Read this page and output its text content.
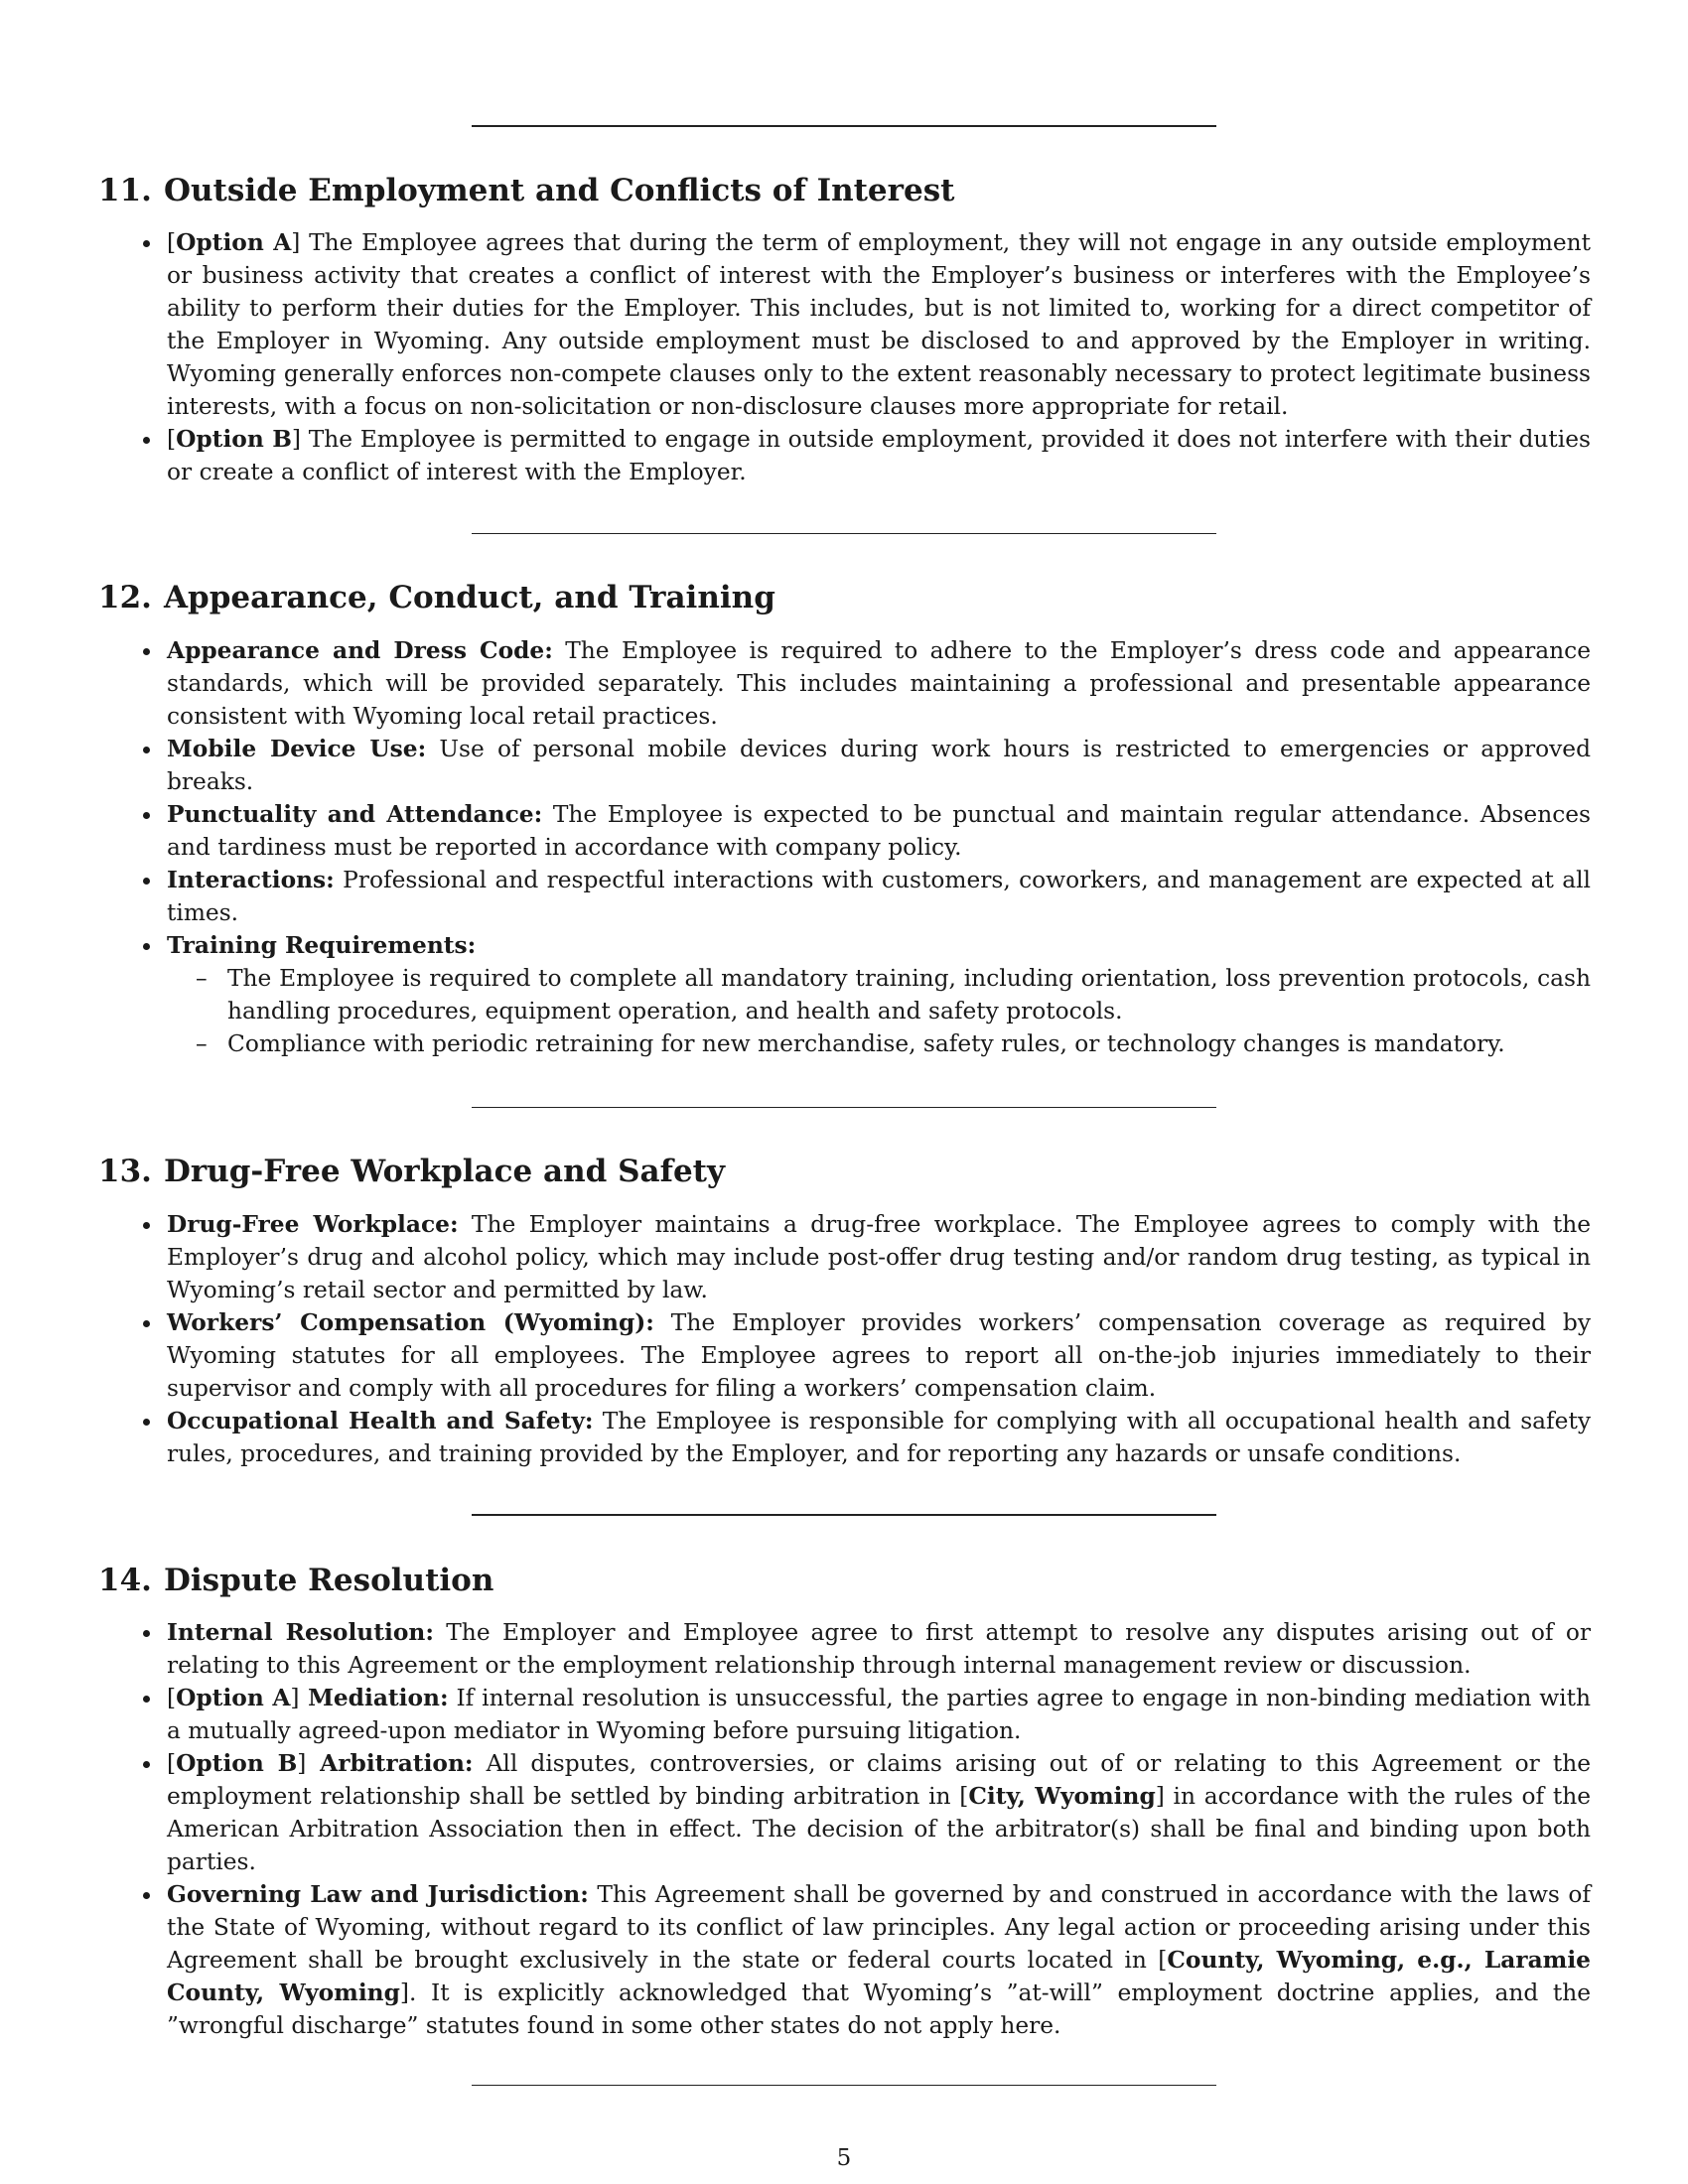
11. Outside Employment and Conflicts of Interest
[Option A] The Employee agrees that during the term of employment, they will not engage in any outside employment or business activity that creates a conflict of interest with the Employer’s business or interferes with the Employee’s ability to perform their duties for the Employer. This includes, but is not limited to, working for a direct competitor of the Employer in Wyoming. Any outside employment must be disclosed to and approved by the Employer in writing. Wyoming generally enforces non-compete clauses only to the extent reasonably necessary to protect legitimate business interests, with a focus on non-solicitation or non-disclosure clauses more appropriate for retail.
[Option B] The Employee is permitted to engage in outside employment, provided it does not interfere with their duties or create a conflict of interest with the Employer.
12. Appearance, Conduct, and Training
Appearance and Dress Code: The Employee is required to adhere to the Employer’s dress code and appearance standards, which will be provided separately. This includes maintaining a professional and presentable appearance consistent with Wyoming local retail practices.
Mobile Device Use: Use of personal mobile devices during work hours is restricted to emergencies or approved breaks.
Punctuality and Attendance: The Employee is expected to be punctual and maintain regular attendance. Absences and tardiness must be reported in accordance with company policy.
Interactions: Professional and respectful interactions with customers, coworkers, and management are expected at all times.
Training Requirements:
– The Employee is required to complete all mandatory training, including orientation, loss prevention protocols, cash handling procedures, equipment operation, and health and safety protocols.
– Compliance with periodic retraining for new merchandise, safety rules, or technology changes is mandatory.
13. Drug-Free Workplace and Safety
Drug-Free Workplace: The Employer maintains a drug-free workplace. The Employee agrees to comply with the Employer’s drug and alcohol policy, which may include post-offer drug testing and/or random drug testing, as typical in Wyoming’s retail sector and permitted by law.
Workers’ Compensation (Wyoming): The Employer provides workers’ compensation coverage as required by Wyoming statutes for all employees. The Employee agrees to report all on-the-job injuries immediately to their supervisor and comply with all procedures for filing a workers’ compensation claim.
Occupational Health and Safety: The Employee is responsible for complying with all occupational health and safety rules, procedures, and training provided by the Employer, and for reporting any hazards or unsafe conditions.
14. Dispute Resolution
Internal Resolution: The Employer and Employee agree to first attempt to resolve any disputes arising out of or relating to this Agreement or the employment relationship through internal management review or discussion.
[Option A] Mediation: If internal resolution is unsuccessful, the parties agree to engage in non-binding mediation with a mutually agreed-upon mediator in Wyoming before pursuing litigation.
[Option B] Arbitration: All disputes, controversies, or claims arising out of or relating to this Agreement or the employment relationship shall be settled by binding arbitration in [City, Wyoming] in accordance with the rules of the American Arbitration Association then in effect. The decision of the arbitrator(s) shall be final and binding upon both parties.
Governing Law and Jurisdiction: This Agreement shall be governed by and construed in accordance with the laws of the State of Wyoming, without regard to its conflict of law principles. Any legal action or proceeding arising under this Agreement shall be brought exclusively in the state or federal courts located in [County, Wyoming, e.g., Laramie County, Wyoming]. It is explicitly acknowledged that Wyoming’s ”at-will” employment doctrine applies, and the ”wrongful discharge” statutes found in some other states do not apply here.
5
